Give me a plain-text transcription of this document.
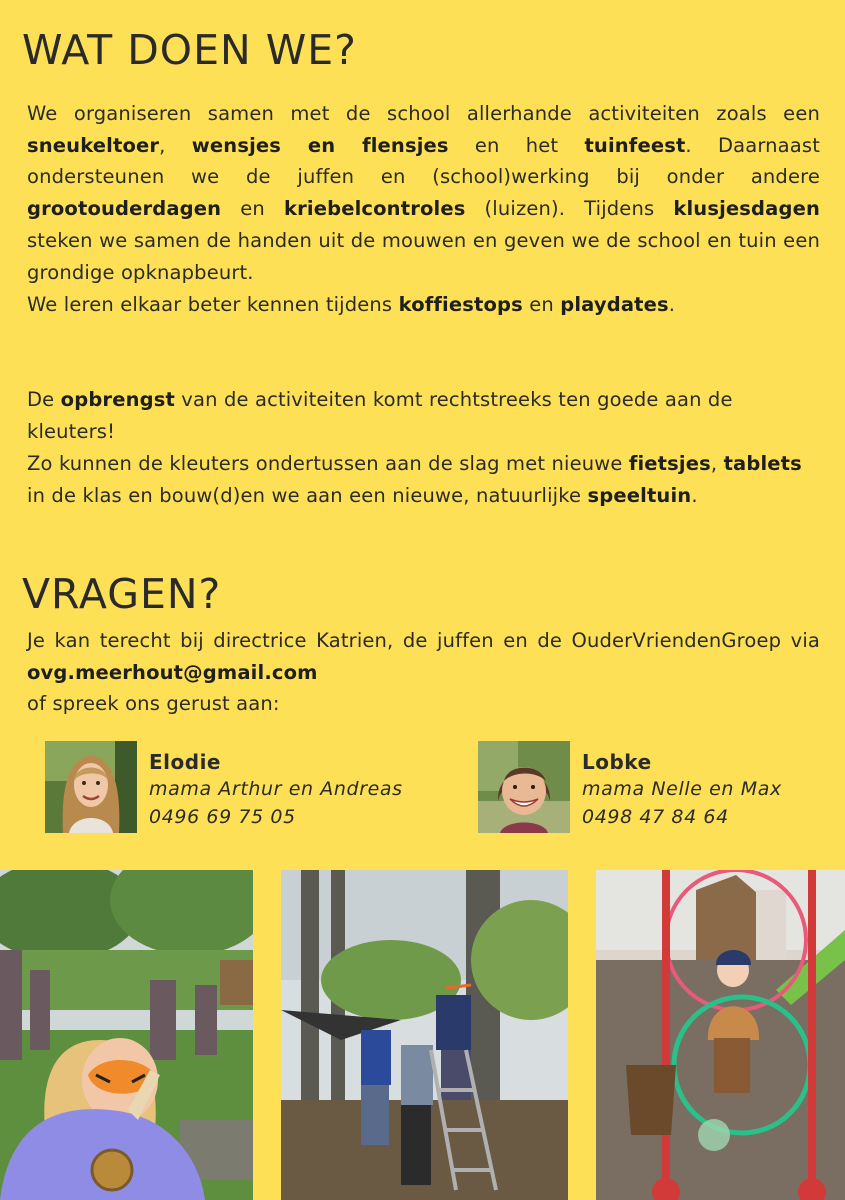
WAT DOEN WE?

We organiseren samen met de school allerhande activiteiten zoals een sneukeltoer, wensjes en flensjes en het tuinfeest. Daarnaast ondersteunen we de juffen en (school)werking bij onder andere grootouderdagen en kriebelcontroles (luizen). Tijdens klusjesdagen steken we samen de handen uit de mouwen en geven we de school en tuin een grondige opknapbeurt.

We leren elkaar beter kennen tijdens koffiestops en playdates.

De opbrengst van de activiteiten komt rechtstreeks ten goede aan de kleuters!

Zo kunnen de kleuters ondertussen aan de slag met nieuwe fietsjes, tablets in de klas en bouw(d)en we aan een nieuwe, natuurlijke speeltuin.

VRAGEN?

Je kan terecht bij directrice Katrien, de juffen en de OuderVriendenGroep via ovg.meerhout@gmail.com

of spreek ons gerust aan:

Elodie
mama Arthur en Andreas
0496 69 75 05
Lobke
mama Nelle en Max
0498 47 84 64
